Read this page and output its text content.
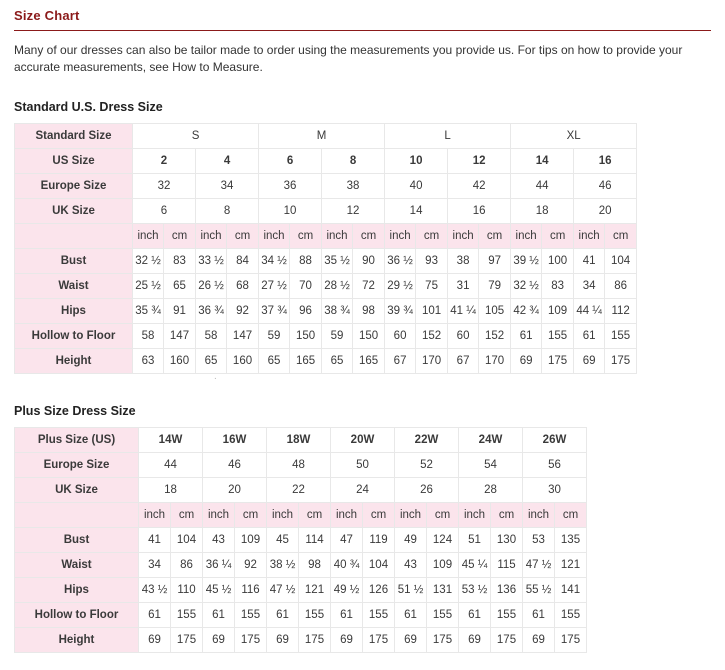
Size Chart
Many of our dresses can also be tailor made to order using the measurements you provide us. For tips on how to provide your accurate measurements, see How to Measure.
Standard U.S. Dress Size
Standard Size	S				M				L				XL			
US Size	2		4		6		8		10		12		14		16	
Europe Size	32		34		36		38		40		42		44		46	
UK Size	6		8		10		12		14		16		18		20	
	inch	cm	inch	cm	inch	cm	inch	cm	inch	cm	inch	cm	inch	cm	inch	cm
Bust	32 ½	83	33 ½	84	34 ½	88	35 ½	90	36 ½	93	38	97	39 ½	100	41	104
Waist	25 ½	65	26 ½	68	27 ½	70	28 ½	72	29 ½	75	31	79	32 ½	83	34	86
Hips	35 ¾	91	36 ¾	92	37 ¾	96	38 ¾	98	39 ¾	101	41 ¼	105	42 ¾	109	44 ¼	112
Hollow to Floor	58	147	58	147	59	150	59	150	60	152	60	152	61	155	61	155
Height	63	160	65	160	65	165	65	165	67	170	67	170	69	175	69	175
.
Plus Size Dress Size
Plus Size (US)	14W		16W		18W		20W		22W		24W		26W	
Europe Size	44		46		48		50		52		54		56	
UK Size	18		20		22		24		26		28		30	
	inch	cm	inch	cm	inch	cm	inch	cm	inch	cm	inch	cm	inch	cm
Bust	41	104	43	109	45	114	47	119	49	124	51	130	53	135
Waist	34	86	36 ¼	92	38 ½	98	40 ¾	104	43	109	45 ¼	115	47 ½	121
Hips	43 ½	110	45 ½	116	47 ½	121	49 ½	126	51 ½	131	53 ½	136	55 ½	141
Hollow to Floor	61	155	61	155	61	155	61	155	61	155	61	155	61	155
Height	69	175	69	175	69	175	69	175	69	175	69	175	69	175
